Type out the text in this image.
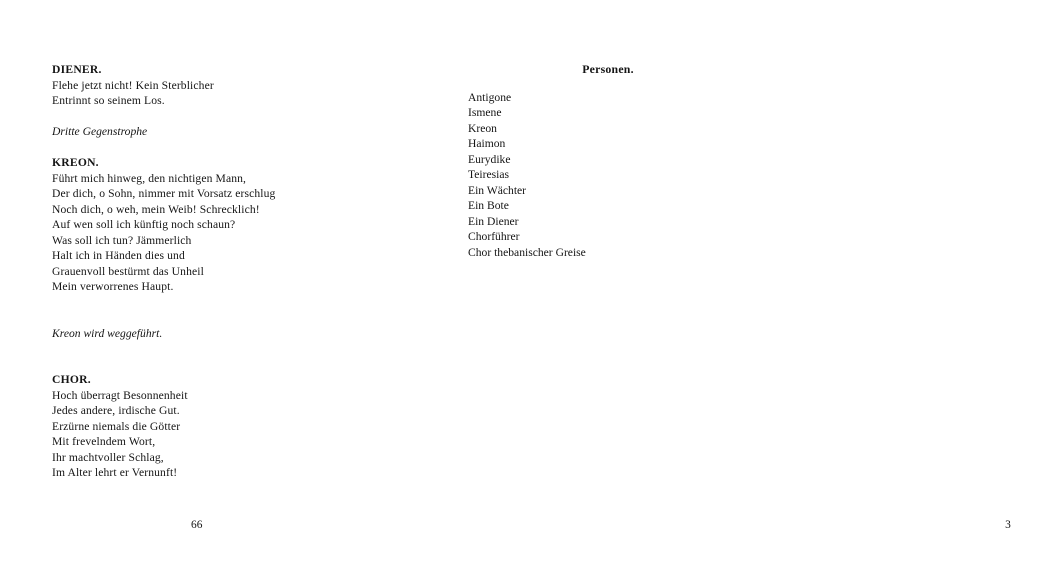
DIENER.
Flehe jetzt nicht! Kein Sterblicher
Entrinnt so seinem Los.
Dritte Gegenstrophe
KREON.
Führt mich hinweg, den nichtigen Mann,
Der dich, o Sohn, nimmer mit Vorsatz erschlug
Noch dich, o weh, mein Weib! Schrecklich!
Auf wen soll ich künftig noch schaun?
Was soll ich tun? Jämmerlich
Halt ich in Händen dies und
Grauenvoll bestürmt das Unheil
Mein verworrenes Haupt.
Kreon wird weggeführt.
CHOR.
Hoch überragt Besonnenheit
Jedes andere, irdische Gut.
Erzürne niemals die Götter
Mit frevelndem Wort,
Ihr machtvoller Schlag,
Im Alter lehrt er Vernunft!
66
Personen.
Antigone
Ismene
Kreon
Haimon
Eurydike
Teiresias
Ein Wächter
Ein Bote
Ein Diener
Chorführer
Chor thebanischer Greise
3
